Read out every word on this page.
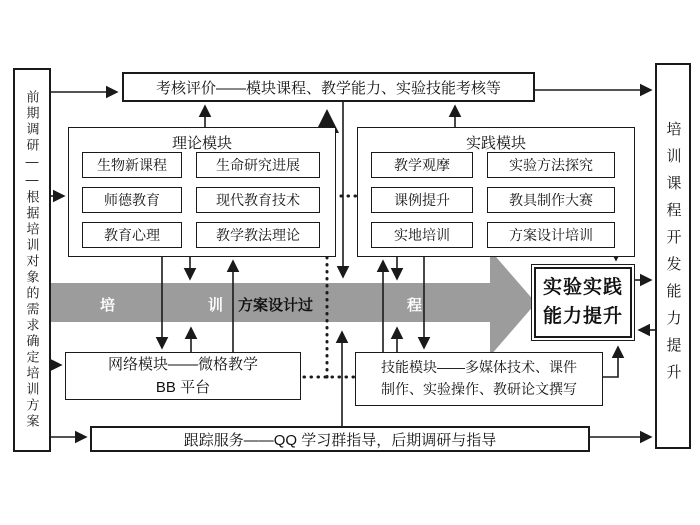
培	训 方案设计过	程
前期调研——根据培训对象的需求确定培训方案	培训课程开发能力提升
考核评价——模块课程、教学能力、实验技能考核等
理论模块
生物新课程	生命研究进展
师德教育	现代教育技术
教育心理	教学教法理论
实践模块
教学观摩	实验方法探究
课例提升	教具制作大赛
实地培训	方案设计培训
网络模块——微格教学
BB 平台
技能模块——多媒体技术、课件
制作、实验操作、教研论文撰写
实验实践
能力提升
跟踪服务——QQ 学习群指导，后期调研与指导
